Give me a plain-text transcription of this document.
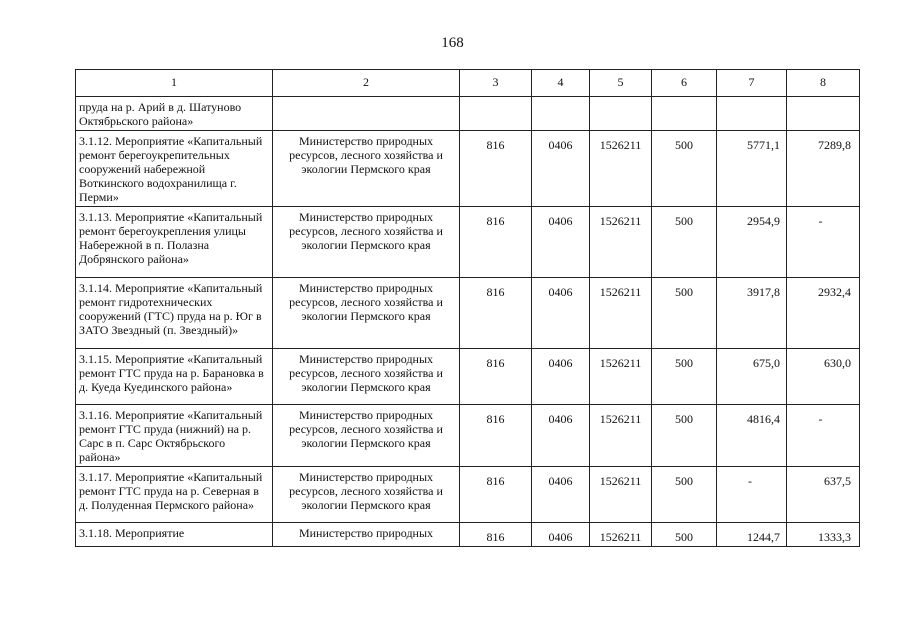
168
1	2	3	4	5	6	7	8
пруда на р. Арий в д. Шатуново Октябрьского района»							
3.1.12. Мероприятие «Капитальный ремонт берегоукрепительных сооружений набережной Воткинского водохранилища г. Перми»	Министерство природных ресурсов, лесного хозяйства и экологии Пермского края	816	0406	1526211	500	5771,1	7289,8
3.1.13. Мероприятие «Капитальный ремонт берегоукрепления улицы Набережной в п. Полазна Добрянского района»	Министерство природных ресурсов, лесного хозяйства и экологии Пермского края	816	0406	1526211	500	2954,9	-
3.1.14. Мероприятие «Капитальный ремонт гидротехнических сооружений (ГТС) пруда на р. Юг в ЗАТО Звездный (п. Звездный)»	Министерство природных ресурсов, лесного хозяйства и экологии Пермского края	816	0406	1526211	500	3917,8	2932,4
3.1.15. Мероприятие «Капитальный ремонт ГТС пруда на р. Барановка в д. Куеда Куединского района»	Министерство природных ресурсов, лесного хозяйства и экологии Пермского края	816	0406	1526211	500	675,0	630,0
3.1.16. Мероприятие «Капитальный ремонт ГТС пруда (нижний) на р. Сарс в п. Сарс Октябрьского района»	Министерство природных ресурсов, лесного хозяйства и экологии Пермского края	816	0406	1526211	500	4816,4	-
3.1.17. Мероприятие «Капитальный ремонт ГТС пруда на р. Северная в д. Полуденная Пермского района»	Министерство природных ресурсов, лесного хозяйства и экологии Пермского края	816	0406	1526211	500	-	637,5
3.1.18. Мероприятие	Министерство природных	816	0406	1526211	500	1244,7	1333,3
